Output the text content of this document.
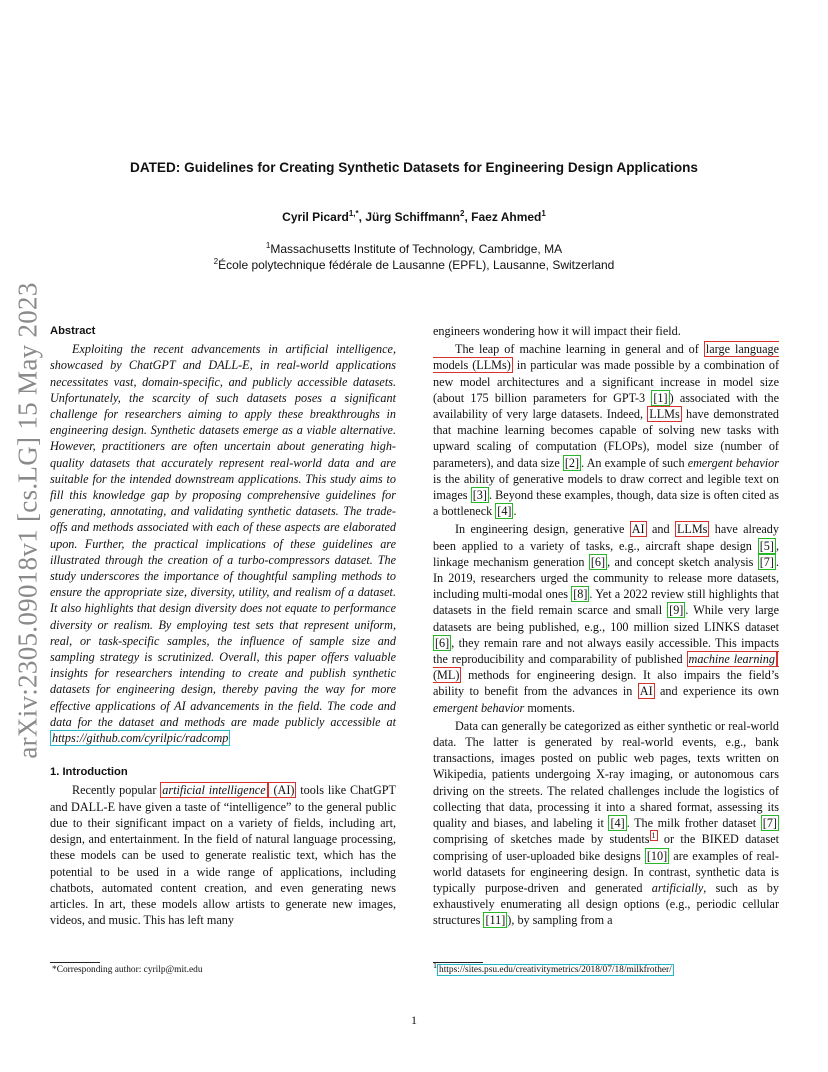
arXiv:2305.09018v1 [cs.LG] 15 May 2023
DATED: Guidelines for Creating Synthetic Datasets for Engineering Design Applications
Cyril Picard$^{1,*}$, Jürg Schiffmann$^2$, Faez Ahmed$^1$
$^1$Massachusetts Institute of Technology, Cambridge, MA
$^2$École polytechnique fédérale de Lausanne (EPFL), Lausanne, Switzerland
Abstract

Exploiting the recent advancements in artificial intelligence, showcased by ChatGPT and DALL-E, in real-world applications necessitates vast, domain-specific, and publicly accessible datasets. Unfortunately, the scarcity of such datasets poses a significant challenge for researchers aiming to apply these breakthroughs in engineering design. Synthetic datasets emerge as a viable alternative. However, practitioners are often uncertain about generating high-quality datasets that accurately represent real-world data and are suitable for the intended downstream applications. This study aims to fill this knowledge gap by proposing comprehensive guidelines for generating, annotating, and validating synthetic datasets. The trade-offs and methods associated with each of these aspects are elaborated upon. Further, the practical implications of these guidelines are illustrated through the creation of a turbo-compressors dataset. The study underscores the importance of thoughtful sampling methods to ensure the appropriate size, diversity, utility, and realism of a dataset. It also highlights that design diversity does not equate to performance diversity or realism. By employing test sets that represent uniform, real, or task-specific samples, the influence of sample size and sampling strategy is scrutinized. Overall, this paper offers valuable insights for researchers intending to create and publish synthetic datasets for engineering design, thereby paving the way for more effective applications of AI advancements in the field. The code and data for the dataset and methods are made publicly accessible at https://github.com/cyrilpic/radcomp

1. Introduction

Recently popular artificial intelligence (AI) tools like ChatGPT and DALL-E have given a taste of “intelligence” to the general public due to their significant impact on a variety of fields, including art, design, and entertainment. In the field of natural language processing, these models can be used to generate realistic text, which has the potential to be used in a wide range of applications, including chatbots, automated content creation, and even generating news articles. In art, these models allow artists to generate new images, videos, and music. This has left many

engineers wondering how it will impact their field.

The leap of machine learning in general and of large language models (LLMs) in particular was made possible by a combination of new model architectures and a significant increase in model size (about 175 billion parameters for GPT-3 [1] ) associated with the availability of very large datasets. Indeed, LLMs have demonstrated that machine learning becomes capable of solving new tasks with upward scaling of computation (FLOPs), model size (number of parameters), and data size [2] . An example of such emergent behavior is the ability of generative models to draw correct and legible text on images [3] . Beyond these examples, though, data size is often cited as a bottleneck [4] .

In engineering design, generative AI and LLMs have already been applied to a variety of tasks, e.g., aircraft shape design [5] , linkage mechanism generation [6] , and concept sketch analysis [7] . In 2019, researchers urged the community to release more datasets, including multi-modal ones [8] . Yet a 2022 review still highlights that datasets in the field remain scarce and small [9] . While very large datasets are being published, e.g., 100 million sized LINKS dataset [6] , they remain rare and not always easily accessible. This impacts the reproducibility and comparability of published machine learning (ML) methods for engineering design. It also impairs the field’s ability to benefit from the advances in AI and experience its own emergent behavior moments.

Data can generally be categorized as either synthetic or real-world data. The latter is generated by real-world events, e.g., bank transactions, images posted on public web pages, texts written on Wikipedia, patients undergoing X-ray imaging, or autonomous cars driving on the streets. The related challenges include the logistics of collecting that data, processing it into a shared format, assessing its quality and biases, and labeling it [4] . The milk frother dataset [7] comprising of sketches made by students $^1$ or the BIKED dataset comprising of user-uploaded bike designs [10] are examples of real-world datasets for engineering design. In contrast, synthetic data is typically purpose-driven and generated artificially, such as by exhaustively enumerating all design options (e.g., periodic cellular structures [11] ), by sampling from a

*Corresponding author: cyrilp@mit.edu	$^1$ https://sites.psu.edu/creativitymetrics/2018/07/18/milkfrother/
1
